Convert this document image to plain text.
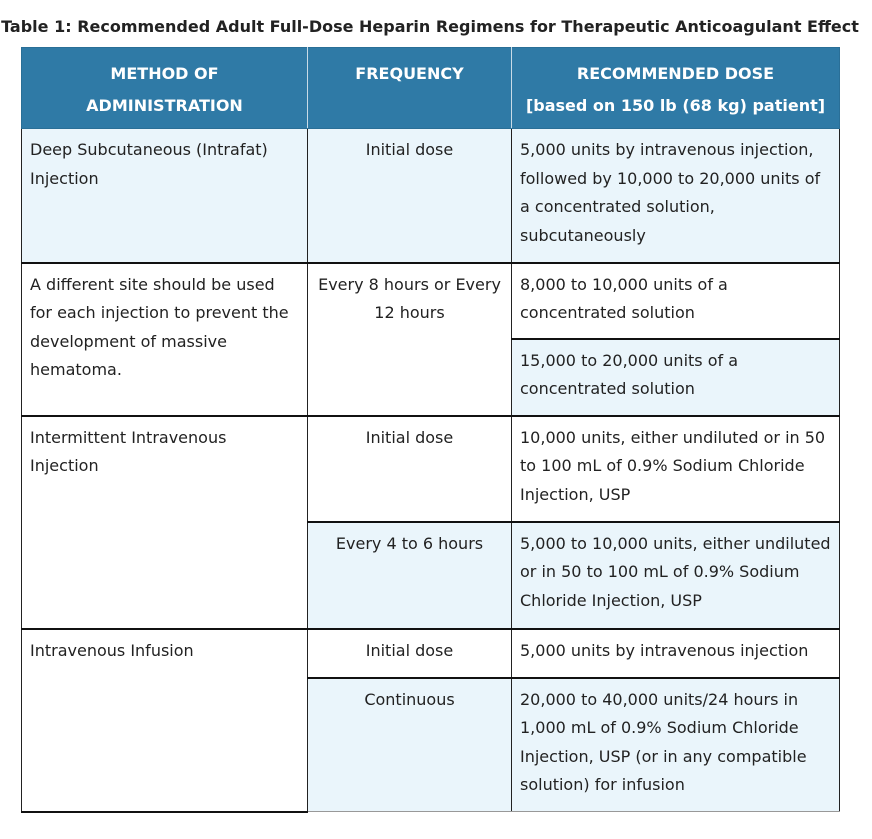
Table 1: Recommended Adult Full-Dose Heparin Regimens for Therapeutic Anticoagulant Effect
METHOD OF ADMINISTRATION	FREQUENCY	RECOMMENDED DOSE
[based on 150 lb (68 kg) patient]

Deep Subcutaneous (Intrafat) Injection	Initial dose	5,000 units by intravenous injection, followed by 10,000 to 20,000 units of a concentrated solution, subcutaneously
A different site should be used for each injection to prevent the development of massive hematoma.	Every 8 hours or Every 12 hours	8,000 to 10,000 units of a concentrated solution
		15,000 to 20,000 units of a concentrated solution
Intermittent Intravenous Injection	Initial dose	10,000 units, either undiluted or in 50 to 100 mL of 0.9% Sodium Chloride Injection, USP
	Every 4 to 6 hours	5,000 to 10,000 units, either undiluted or in 50 to 100 mL of 0.9% Sodium Chloride Injection, USP
Intravenous Infusion	Initial dose	5,000 units by intravenous injection
	Continuous	20,000 to 40,000 units/24 hours in 1,000 mL of 0.9% Sodium Chloride Injection, USP (or in any compatible solution) for infusion
